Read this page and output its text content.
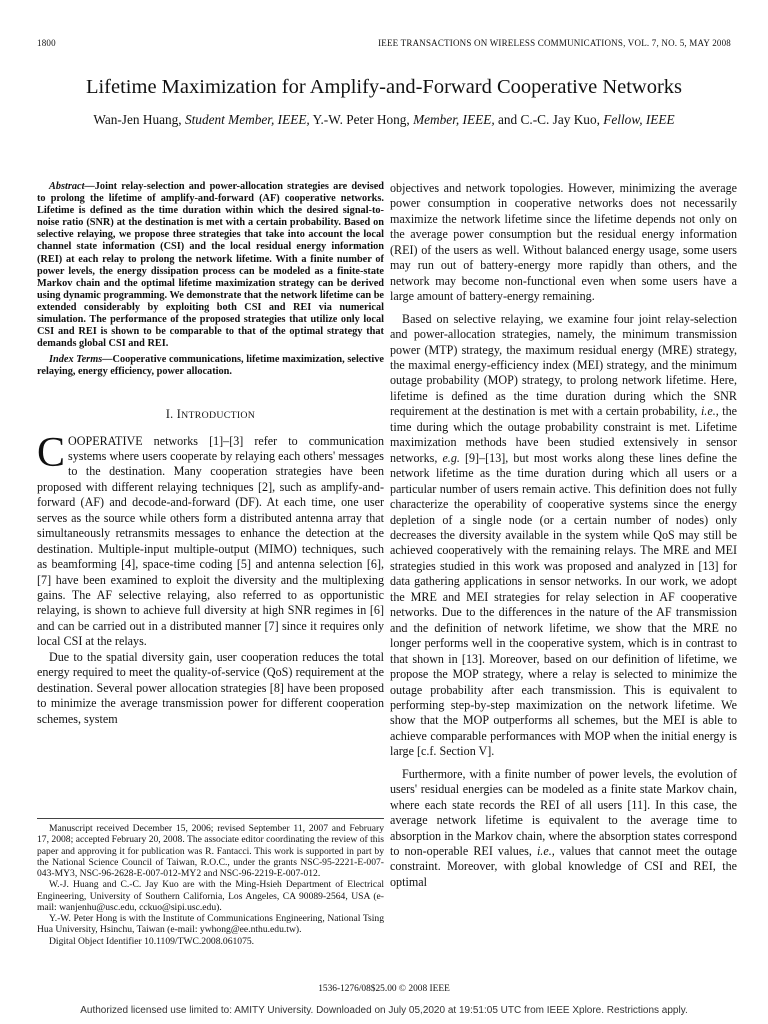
1800	IEEE TRANSACTIONS ON WIRELESS COMMUNICATIONS, VOL. 7, NO. 5, MAY 2008
Lifetime Maximization for Amplify-and-Forward Cooperative Networks
Wan-Jen Huang, Student Member, IEEE, Y.-W. Peter Hong, Member, IEEE, and C.-C. Jay Kuo, Fellow, IEEE

Abstract—Joint relay-selection and power-allocation strategies are devised to prolong the lifetime of amplify-and-forward (AF) cooperative networks. Lifetime is defined as the time duration within which the desired signal-to-noise ratio (SNR) at the destination is met with a certain probability. Based on selective relaying, we propose three strategies that take into account the local channel state information (CSI) and the local residual energy information (REI) at each relay to prolong the network lifetime. With a finite number of power levels, the energy dissipation process can be modeled as a finite-state Markov chain and the optimal lifetime maximization strategy can be derived using dynamic programming. We demonstrate that the network lifetime can be extended considerably by exploiting both CSI and REI via numerical simulation. The performance of the proposed strategies that utilize only local CSI and REI is shown to be comparable to that of the optimal strategy that demands global CSI and REI.

Index Terms—Cooperative communications, lifetime maximization, selective relaying, energy efficiency, power allocation.

I. INTRODUCTION

COOPERATIVE networks [1]–[3] refer to communication systems where users cooperate by relaying each others' messages to the destination. Many cooperation strategies have been proposed with different relaying techniques [2], such as amplify-and-forward (AF) and decode-and-forward (DF). At each time, one user serves as the source while others form a distributed antenna array that simultaneously retransmits messages to enhance the detection at the destination. Multiple-input multiple-output (MIMO) techniques, such as beamforming [4], space-time coding [5] and antenna selection [6], [7] have been examined to exploit the diversity and the multiplexing gains. The AF selective relaying, also referred to as opportunistic relaying, is shown to achieve full diversity at high SNR regimes in [6] and can be carried out in a distributed manner [7] since it requires only local CSI at the relays.

Due to the spatial diversity gain, user cooperation reduces the total energy required to meet the quality-of-service (QoS) requirement at the destination. Several power allocation strategies [8] have been proposed to minimize the average transmission power for different cooperation schemes, system

Manuscript received December 15, 2006; revised September 11, 2007 and February 17, 2008; accepted February 20, 2008. The associate editor coordinating the review of this paper and approving it for publication was R. Fantacci. This work is supported in part by the National Science Council of Taiwan, R.O.C., under the grants NSC-95-2221-E-007-043-MY3, NSC-96-2628-E-007-012-MY2 and NSC-96-2219-E-007-012.

W.-J. Huang and C.-C. Jay Kuo are with the Ming-Hsieh Department of Electrical Engineering, University of Southern California, Los Angeles, CA 90089-2564, USA (e-mail: wanjenhu@usc.edu, cckuo@sipi.usc.edu).

Y.-W. Peter Hong is with the Institute of Communications Engineering, National Tsing Hua University, Hsinchu, Taiwan (e-mail: ywhong@ee.nthu.edu.tw).

Digital Object Identifier 10.1109/TWC.2008.061075.

objectives and network topologies. However, minimizing the average power consumption in cooperative networks does not necessarily maximize the network lifetime since the lifetime depends not only on the average power consumption but the residual energy information (REI) of the users as well. Without balanced energy usage, some users may run out of battery-energy more rapidly than others, and the network may become non-functional even when some users have a large amount of battery-energy remaining.

Based on selective relaying, we examine four joint relay-selection and power-allocation strategies, namely, the minimum transmission power (MTP) strategy, the maximum residual energy (MRE) strategy, the maximal energy-efficiency index (MEI) strategy, and the minimum outage probability (MOP) strategy, to prolong network lifetime. Here, lifetime is defined as the time duration during which the SNR requirement at the destination is met with a certain probability, i.e., the time during which the outage probability constraint is met. Lifetime maximization methods have been studied extensively in sensor networks, e.g. [9]–[13], but most works along these lines define the network lifetime as the time duration during which all users or a particular number of users remain active. This definition does not fully characterize the operability of cooperative systems since the energy depletion of a single node (or a certain number of nodes) only decreases the diversity available in the system while QoS may still be achieved cooperatively with the remaining relays. The MRE and MEI strategies studied in this work was proposed and analyzed in [13] for data gathering applications in sensor networks. In our work, we adopt the MRE and MEI strategies for relay selection in AF cooperative networks. Due to the differences in the nature of the AF transmission and the definition of network lifetime, we show that the MRE no longer performs well in the cooperative system, which is in contrast to that shown in [13]. Moreover, based on our definition of lifetime, we propose the MOP strategy, where a relay is selected to minimize the outage probability after each transmission. This is equivalent to performing step-by-step maximization on the network lifetime. We show that the MOP outperforms all schemes, but the MEI is able to achieve comparable performances with MOP when the initial energy is large [c.f. Section V].

Furthermore, with a finite number of power levels, the evolution of users' residual energies can be modeled as a finite state Markov chain, where each state records the REI of all users [11]. In this case, the average network lifetime is equivalent to the average time to absorption in the Markov chain, where the absorption states correspond to non-operable REI values, i.e., values that cannot meet the outage constraint. Moreover, with global knowledge of CSI and REI, the optimal

1536-1276/08$25.00 © 2008 IEEE
Authorized licensed use limited to: AMITY University. Downloaded on July 05,2020 at 19:51:05 UTC from IEEE Xplore. Restrictions apply.
